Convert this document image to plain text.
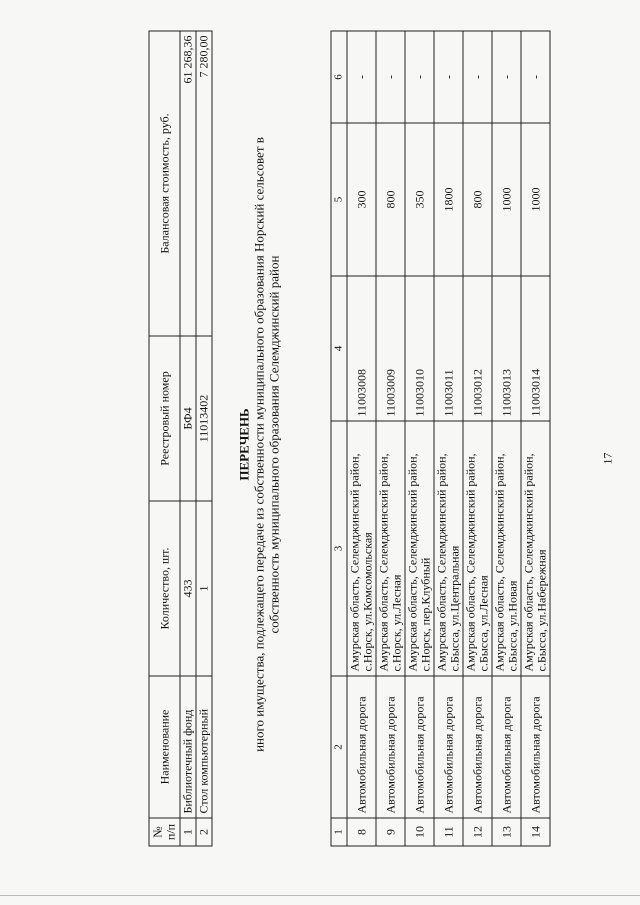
17
1	2	3	4	5	6
8	Автомобильная дорога	Амурская область, Селемджинский район, с.Норск, ул.Комсомольская	11003008	300	-
9	Автомобильная дорога	Амурская область, Селемджинский район, с.Норск, ул.Лесная	11003009	800	-
10	Автомобильная дорога	Амурская область, Селемджинский район, с.Норск, пер.Клубный	11003010	350	-
11	Автомобильная дорога	Амурская область, Селемджинский район, с.Бысса, ул.Центральная	11003011	1800	-
12	Автомобильная дорога	Амурская область, Селемджинский район, с.Бысса, ул.Лесная	11003012	800	-
13	Автомобильная дорога	Амурская область, Селемджинский район, с.Бысса, ул.Новая	11003013	1000	-
14	Автомобильная дорога	Амурская область, Селемджинский район, с.Бысса, ул.Набережная	11003014	1000	-
ПЕРЕЧЕНЬ иного имущества, подлежащего передаче из собственности муниципального образования Норский сельсовет в собственность муниципального образования Селемджинский район
№ п/п	Наименование	Количество, шт.	Реестровый номер	Балансовая стоимость, руб.
1	Библиотечный фонд	433	БФ4	61 268,36
2	Стол компьютерный	1	11013402	7 280,00
